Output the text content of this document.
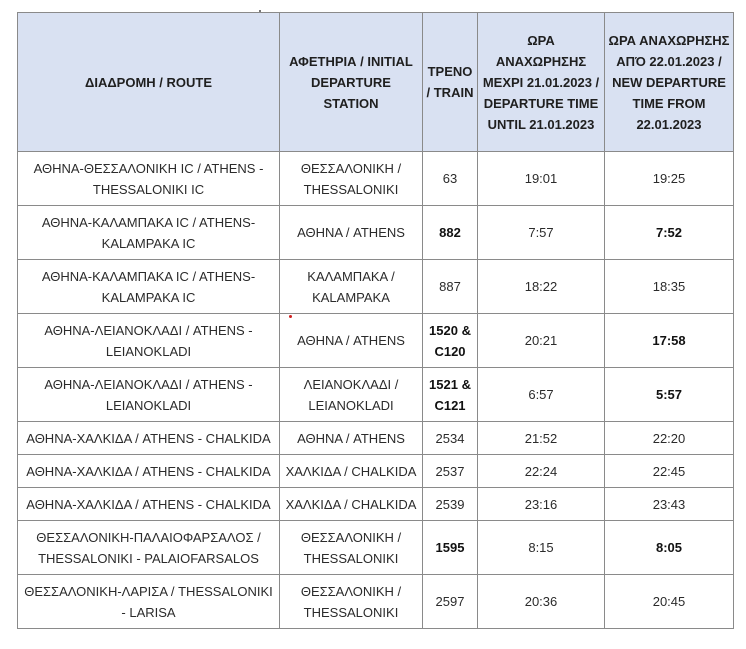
ΔΙΑΔΡΟΜΗ / ROUTE	ΑΦΕΤΗΡΙΑ / INITIAL DEPARTURE STATION	ΤΡΕΝΟ / TRAIN	ΩΡΑ ΑΝΑΧΩΡΗΣΗΣ ΜΕΧΡΙ 21.01.2023 / DEPARTURE TIME UNTIL 21.01.2023	ΩΡΑ ΑΝΑΧΩΡΗΣΗΣ ΑΠΌ 22.01.2023 / NEW DEPARTURE TIME FROM 22.01.2023
ΑΘΗΝΑ-ΘΕΣΣΑΛΟΝΙΚΗ IC / ATHENS - THESSALONIKI IC	ΘΕΣΣΑΛΟΝΙΚΗ / THESSALONIKI	63	19:01	19:25
ΑΘΗΝΑ-ΚΑΛΑΜΠΑΚΑ IC / ATHENS-KALAMPAKA IC	ΑΘΗΝΑ / ATHENS	882	7:57	7:52
ΑΘΗΝΑ-ΚΑΛΑΜΠΑΚΑ IC / ATHENS-KALAMPAKA IC	ΚΑΛΑΜΠΑΚΑ / KALAMPAKA	887	18:22	18:35
ΑΘΗΝΑ-ΛΕΙΑΝΟΚΛΑΔΙ / ATHENS - LEIANOKLADI	ΑΘΗΝΑ / ATHENS	1520 & C120	20:21	17:58
ΑΘΗΝΑ-ΛΕΙΑΝΟΚΛΑΔΙ / ATHENS - LEIANOKLADI	ΛΕΙΑΝΟΚΛΑΔΙ / LEIANOKLADI	1521 & C121	6:57	5:57
ΑΘΗΝΑ-ΧΑΛΚΙΔΑ / ATHENS - CHALKIDA	ΑΘΗΝΑ / ATHENS	2534	21:52	22:20
ΑΘΗΝΑ-ΧΑΛΚΙΔΑ / ATHENS - CHALKIDA	ΧΑΛΚΙΔΑ / CHALKIDA	2537	22:24	22:45
ΑΘΗΝΑ-ΧΑΛΚΙΔΑ / ATHENS - CHALKIDA	ΧΑΛΚΙΔΑ / CHALKIDA	2539	23:16	23:43
ΘΕΣΣΑΛΟΝΙΚΗ-ΠΑΛΑΙΟΦΑΡΣΑΛΟΣ / THESSALONIKI - PALAIOFARSALOS	ΘΕΣΣΑΛΟΝΙΚΗ / THESSALONIKI	1595	8:15	8:05
ΘΕΣΣΑΛΟΝΙΚΗ-ΛΑΡΙΣΑ / THESSALONIKI - LARISA	ΘΕΣΣΑΛΟΝΙΚΗ / THESSALONIKI	2597	20:36	20:45
